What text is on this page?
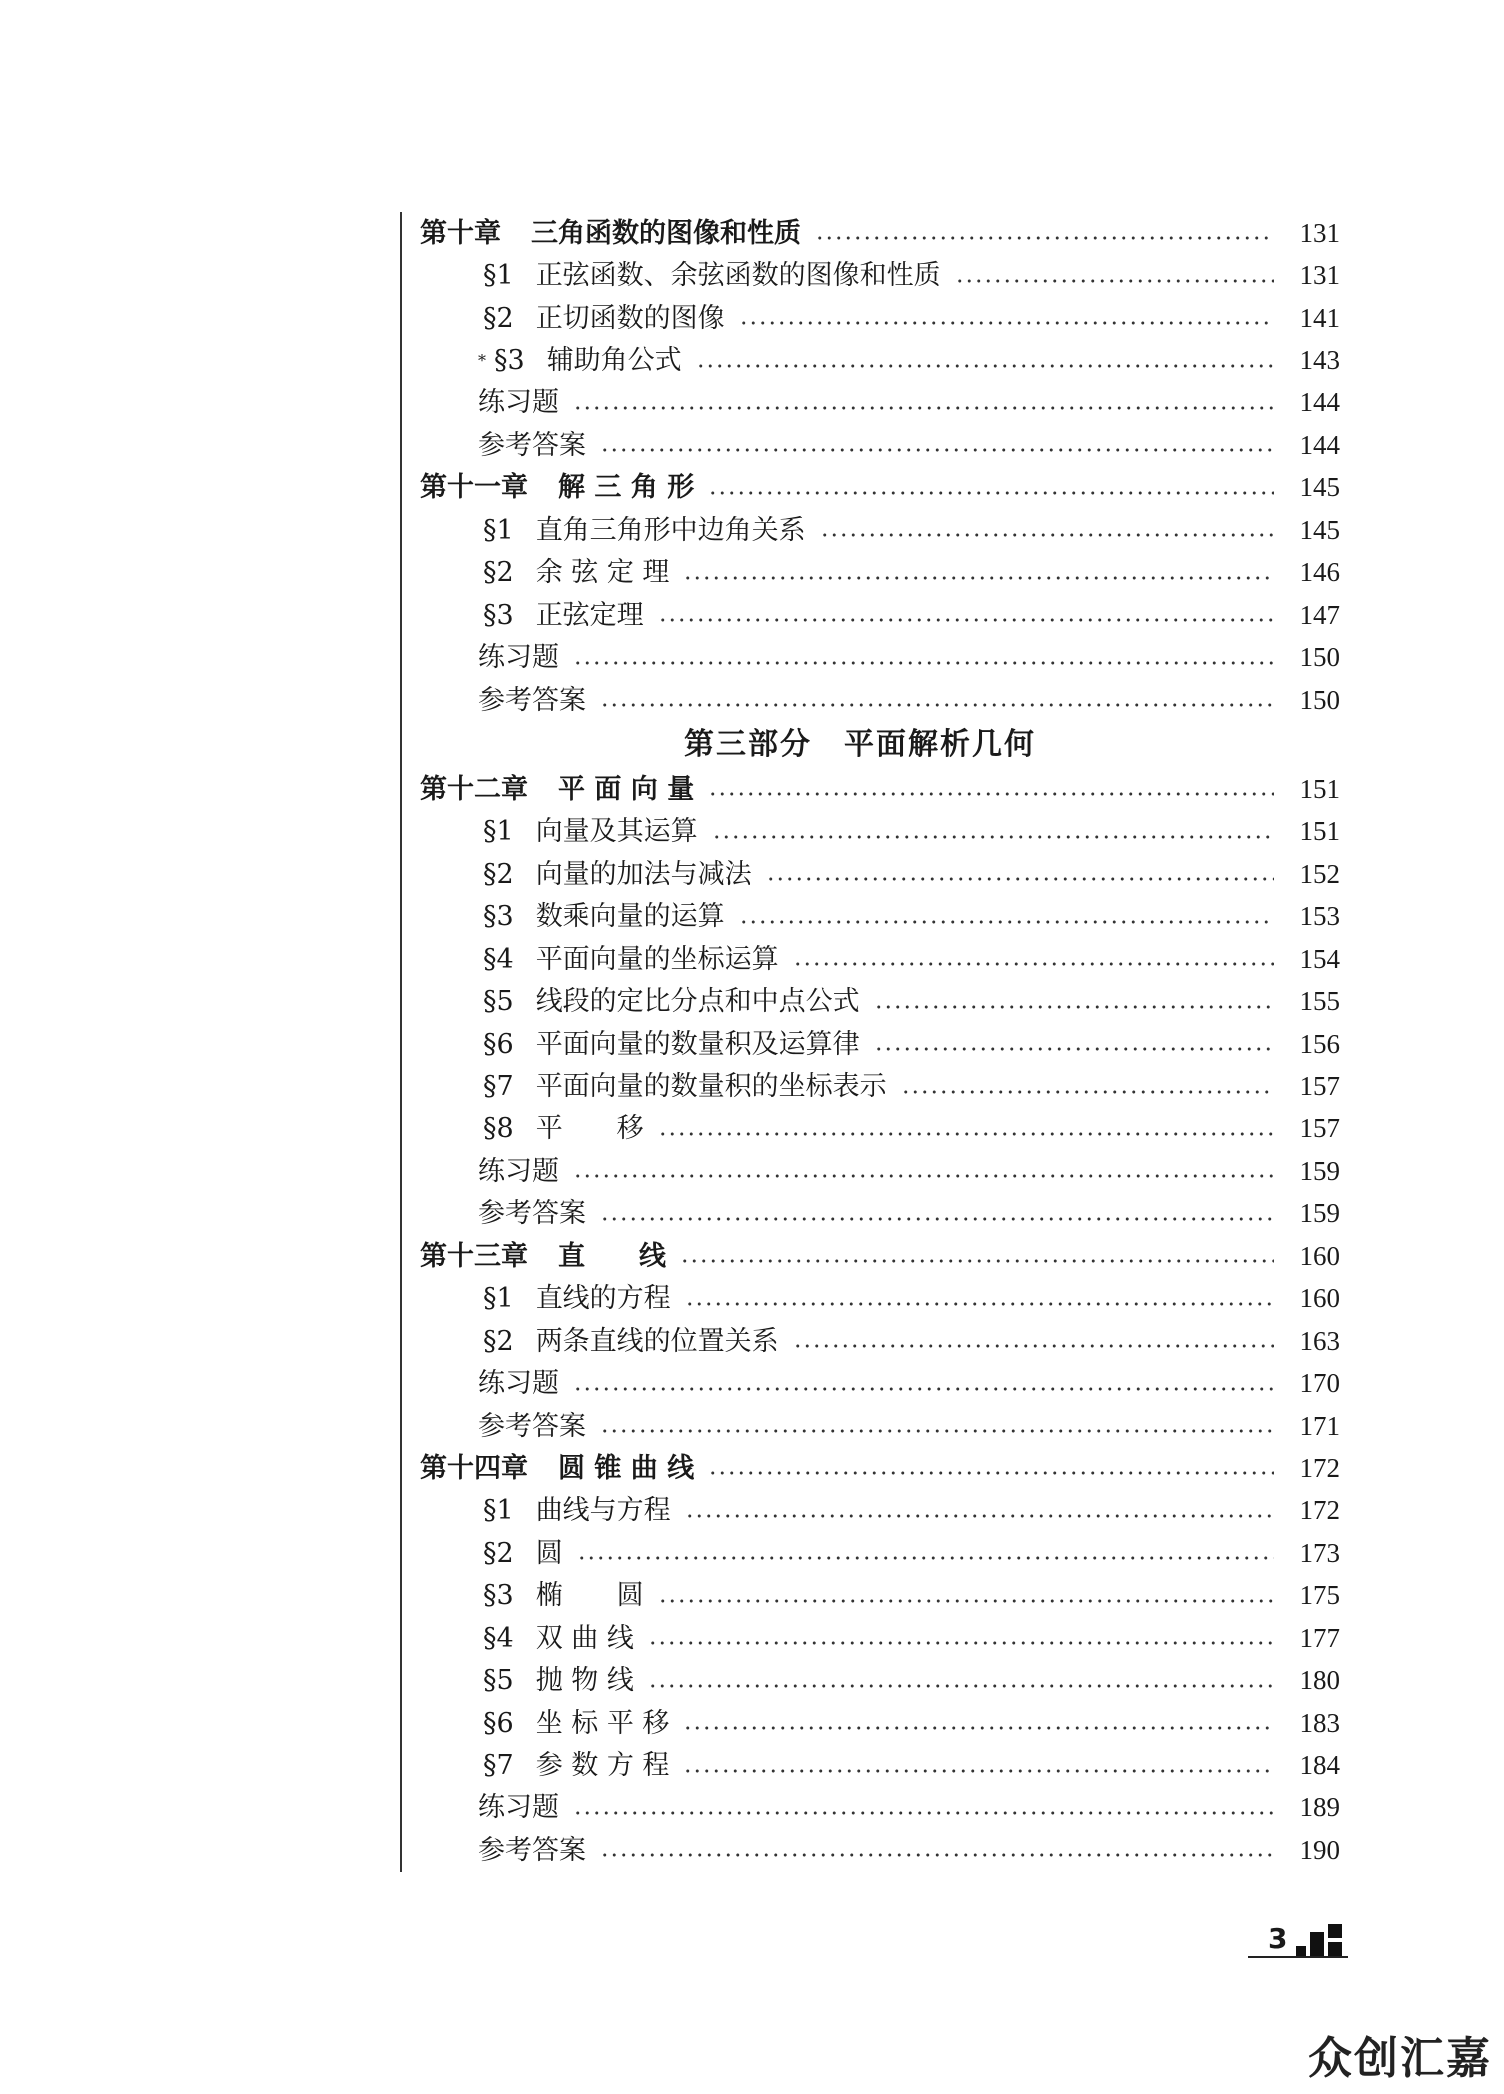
第十章 三角函数的图像和性质	131
§1 正弦函数、余弦函数的图像和性质	131
§2 正切函数的图像	141
* §3 辅助角公式	143
练习题	144
参考答案	144
第十一章 解 三 角 形	145
§1 直角三角形中边角关系	145
§2 余 弦 定 理	146
§3 正弦定理	147
练习题	150
参考答案	150
第三部分　平面解析几何
第十二章 平 面 向 量	151
§1 向量及其运算	151
§2 向量的加法与减法	152
§3 数乘向量的运算	153
§4 平面向量的坐标运算	154
§5 线段的定比分点和中点公式	155
§6 平面向量的数量积及运算律	156
§7 平面向量的数量积的坐标表示	157
§8 平　　移	157
练习题	159
参考答案	159
第十三章 直　　线	160
§1 直线的方程	160
§2 两条直线的位置关系	163
练习题	170
参考答案	171
第十四章 圆 锥 曲 线	172
§1 曲线与方程	172
§2 圆	173
§3 椭　　圆	175
§4 双 曲 线	177
§5 抛 物 线	180
§6 坐 标 平 移	183
§7 参 数 方 程	184
练习题	189
参考答案	190
3
众创汇嘉
